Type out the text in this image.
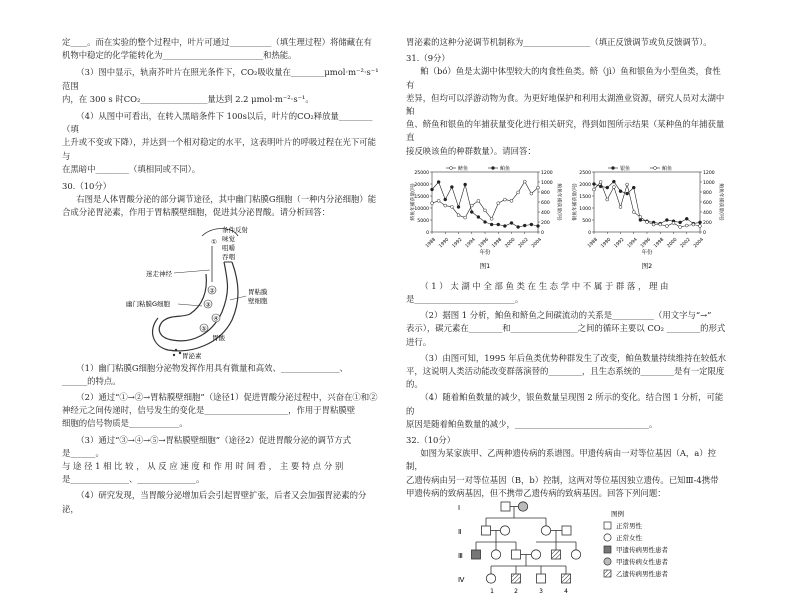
定____。而在实验的整个过程中，叶片可通过__________（填生理过程）将储藏在有

机物中稳定的化学能转化为________________________和热能。

（3）图中显示，轨南芥叶片在照光条件下，CO₂吸收量在________μmol·m⁻²·s⁻¹范围

内，在 300 s 时CO₂________________量达到 2.2 μmol·m⁻²·s⁻¹。

（4）从图中可看出，在转入黑暗条件下 100s以后，叶片的CO₂释放量________（填

上升或不变或下降），并达到一个相对稳定的水平，这表明叶片的呼吸过程在光下可能与

在黑暗中________（填相同或不同）。

30.（10分）

右图是人体胃酸分泌的部分调节途径，其中幽门粘膜G细胞（一种内分泌细胞）能

合成分泌胃泌素，作用于胃粘膜壁细胞，促进其分泌胃酸。请分析回答：

①
条件反射
味觉
咀嚼
吞咽
迷走神经
②
③
④
⑤
幽门粘膜G细胞
胃粘膜
壁细胞
胃酸
胃泌素

（1）幽门粘膜G细胞分泌物发挥作用具有微量和高效、______________、

______的特点。

（2）通过“①→②→胃粘膜壁细胞”（途径1）促进胃酸分泌过程中，兴奋在①和②

神经元之间传递时，信号发生的变化是____________________，作用于胃粘膜壁

细胞的信号物质是____________。

（3）通过“③→④→⑤→胃粘膜壁细胞”（途径2）促进胃酸分泌的调节方式

是______。

与 途 径 1 相 比 较 ， 从 反 应 速 度 和 作 用 时 间 看 ， 主 要 特 点 分 别

是______________、______________。

（4）研究发现，当胃酸分泌增加后会引起胃壁扩张，后者又会加强胃泌素的分泌，

胃泌素的这种分泌调节机制称为________________（填正反馈调节或负反馈调节）。

31.（9分）

鲌（bó）鱼是太湖中体型较大的肉食性鱼类。鲚（jì）鱼和银鱼为小型鱼类，食性有

差异，但均可以浮游动物为食。为更好地保护和利用太湖渔业资源，研究人员对太湖中鲌

鱼、鲚鱼和银鱼的年捕获量变化进行相关研究，得到如图所示结果（某种鱼的年捕获量直

接反映该鱼的种群数量）。请回答：

0
5000
10000
15000
20000
25000
0
200
400
600
800
1000
1200
1988 1990 1992 1994 1996 1998 2000 2002 2004
鲚鱼年捕获量(吨)	鲌鱼年捕获量(吨)
年份
图1
鲚鱼	鲌鱼
0
500
1000
1500
2000
2500
0
200
400
600
800
1000
1200
1988 1990 1992 1994 1996 1998 2000 2002 2004
银鱼年捕获量(吨)	鲌鱼年捕获量(吨)
年份
图2
银鱼	鲌鱼

（ 1 ） 太 湖 中 全 部 鱼 类 在 生 态 学 中 不 属 于 群 落 ， 理 由

是________________________。

（2）据图 1 分析，鲌鱼和鲚鱼之间碳流动的关系是__________（用文字与“→”

表示），碳元素在________和________________之间的循环主要以 CO₂ ________的形式进行。

（3）由图可知，1995 年后鱼类优势种群发生了改变，鲌鱼数量持续维持在较低水

平，这说明人类活动能改变群落演替的________，且生态系统的________是有一定限度的。

（4）随着鲌鱼数量的减少，银鱼数量呈现图 2 所示的变化。结合图 1 分析，可能的

原因是随着鲌鱼数量的减少，________________________________。

32.（10分）

如图为某家族甲、乙两种遗传病的系谱图。甲遗传病由一对等位基因（A，a）控制，

乙遗传病由另一对等位基因（B，b）控制，这两对等位基因独立遗传。已知Ⅲ-4携带

甲遗传病的致病基因，但不携带乙遗传病的致病基因。回答下列问题：

Ⅰ
Ⅱ
Ⅲ
Ⅳ
1	2	3	4
图例
正常男性
正常女性
甲遗传病男性患者
甲遗传病女性患者
乙遗传病男性患者
